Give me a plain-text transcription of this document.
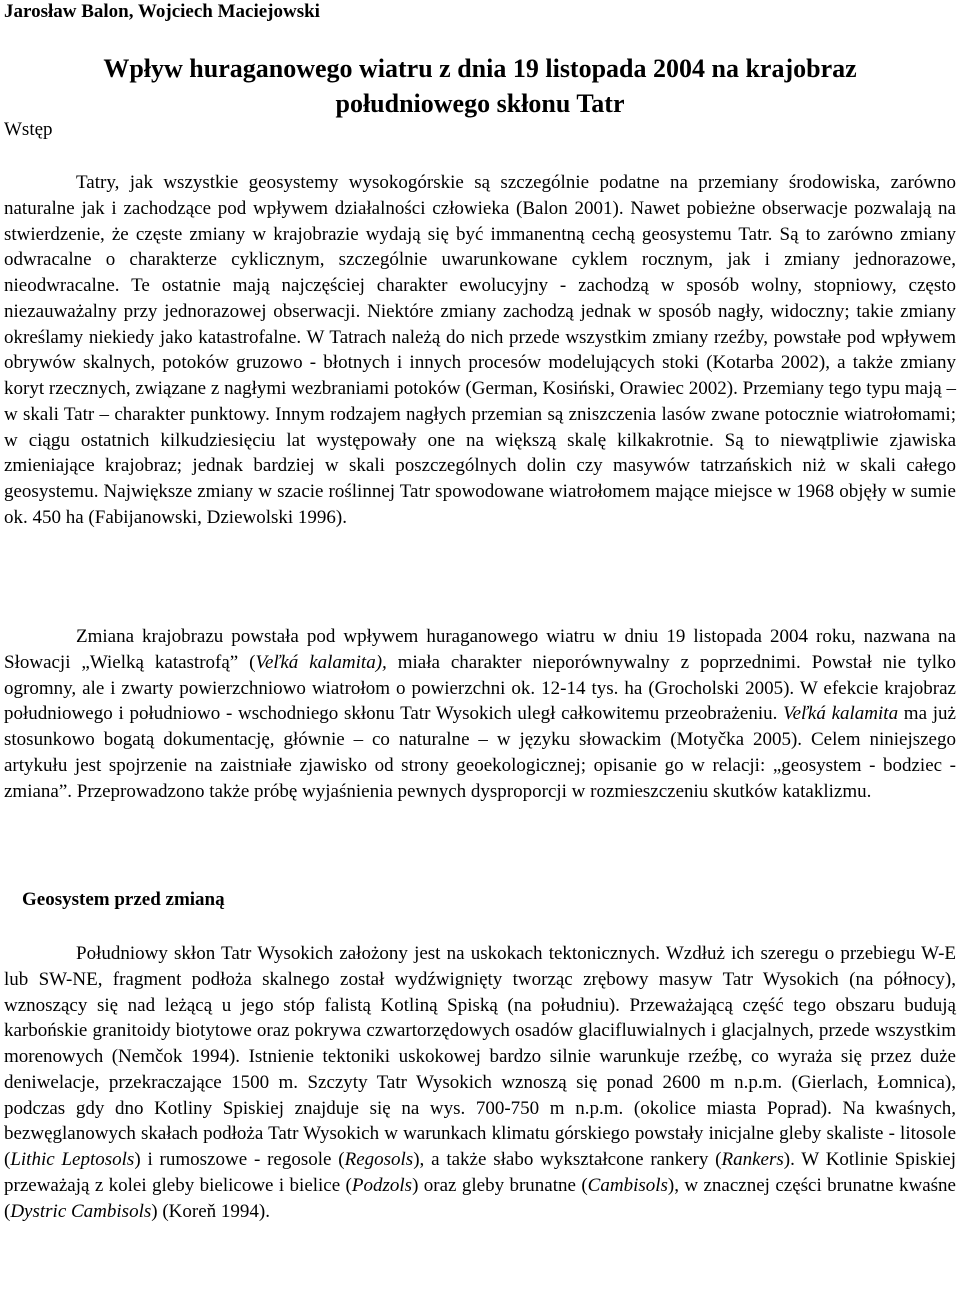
Jarosław Balon, Wojciech Maciejowski

Wpływ huraganowego wiatru z dnia 19 listopada 2004 na krajobraz
południowego skłonu Tatr
Wstęp

Tatry, jak wszystkie geosystemy wysokogórskie są szczególnie podatne na przemiany środowiska, zarówno naturalne jak i zachodzące pod wpływem działalności człowieka (Balon 2001). Nawet pobieżne obserwacje pozwalają na stwierdzenie, że częste zmiany w krajobrazie wydają się być immanentną cechą geosystemu Tatr. Są to zarówno zmiany odwracalne o charakterze cyklicznym, szczególnie uwarunkowane cyklem rocznym, jak i zmiany jednorazowe, nieodwracalne. Te ostatnie mają najczęściej charakter ewolucyjny - zachodzą w sposób wolny, stopniowy, często niezauważalny przy jednorazowej obserwacji. Niektóre zmiany zachodzą jednak w sposób nagły, widoczny; takie zmiany określamy niekiedy jako katastrofalne. W Tatrach należą do nich przede wszystkim zmiany rzeźby, powstałe pod wpływem obrywów skalnych, potoków gruzowo - błotnych i innych procesów modelujących stoki (Kotarba 2002), a także zmiany koryt rzecznych, związane z nagłymi wezbraniami potoków (German, Kosiński, Orawiec 2002). Przemiany tego typu mają – w skali Tatr – charakter punktowy. Innym rodzajem nagłych przemian są zniszczenia lasów zwane potocznie wiatrołomami; w ciągu ostatnich kilkudziesięciu lat występowały one na większą skalę kilkakrotnie. Są to niewątpliwie zjawiska zmieniające krajobraz; jednak bardziej w skali poszczególnych dolin czy masywów tatrzańskich niż w skali całego geosystemu. Największe zmiany w szacie roślinnej Tatr spowodowane wiatrołomem mające miejsce w 1968 objęły w sumie ok. 450 ha (Fabijanowski, Dziewolski 1996).

Zmiana krajobrazu powstała pod wpływem huraganowego wiatru w dniu 19 listopada 2004 roku, nazwana na Słowacji „Wielką katastrofą” (Veľká kalamita), miała charakter nieporównywalny z poprzednimi. Powstał nie tylko ogromny, ale i zwarty powierzchniowo wiatrołom o powierzchni ok. 12-14 tys. ha (Grocholski 2005). W efekcie krajobraz południowego i południowo - wschodniego skłonu Tatr Wysokich uległ całkowitemu przeobrażeniu. Veľká kalamita ma już stosunkowo bogatą dokumentację, głównie – co naturalne – w języku słowackim (Motyčka 2005). Celem niniejszego artykułu jest spojrzenie na zaistniałe zjawisko od strony geoekologicznej; opisanie go w relacji: „geosystem - bodziec - zmiana”. Przeprowadzono także próbę wyjaśnienia pewnych dysproporcji w rozmieszczeniu skutków kataklizmu.

Geosystem przed zmianą

Południowy skłon Tatr Wysokich założony jest na uskokach tektonicznych. Wzdłuż ich szeregu o przebiegu W-E lub SW-NE, fragment podłoża skalnego został wydźwignięty tworząc zrębowy masyw Tatr Wysokich (na północy), wznoszący się nad leżącą u jego stóp falistą Kotliną Spiską (na południu). Przeważającą część tego obszaru budują karbońskie granitoidy biotytowe oraz pokrywa czwartorzędowych osadów glacifluwialnych i glacjalnych, przede wszystkim morenowych (Nemčok 1994). Istnienie tektoniki uskokowej bardzo silnie warunkuje rzeźbę, co wyraża się przez duże deniwelacje, przekraczające 1500 m. Szczyty Tatr Wysokich wznoszą się ponad 2600 m n.p.m. (Gierlach, Łomnica), podczas gdy dno Kotliny Spiskiej znajduje się na wys. 700-750 m n.p.m. (okolice miasta Poprad). Na kwaśnych, bezwęglanowych skałach podłoża Tatr Wysokich w warunkach klimatu górskiego powstały inicjalne gleby skaliste - litosole (Lithic Leptosols) i rumoszowe - regosole (Regosols), a także słabo wykształcone rankery (Rankers). W Kotlinie Spiskiej przeważają z kolei gleby bielicowe i bielice (Podzols) oraz gleby brunatne (Cambisols), w znacznej części brunatne kwaśne (Dystric Cambisols) (Koreň 1994).
